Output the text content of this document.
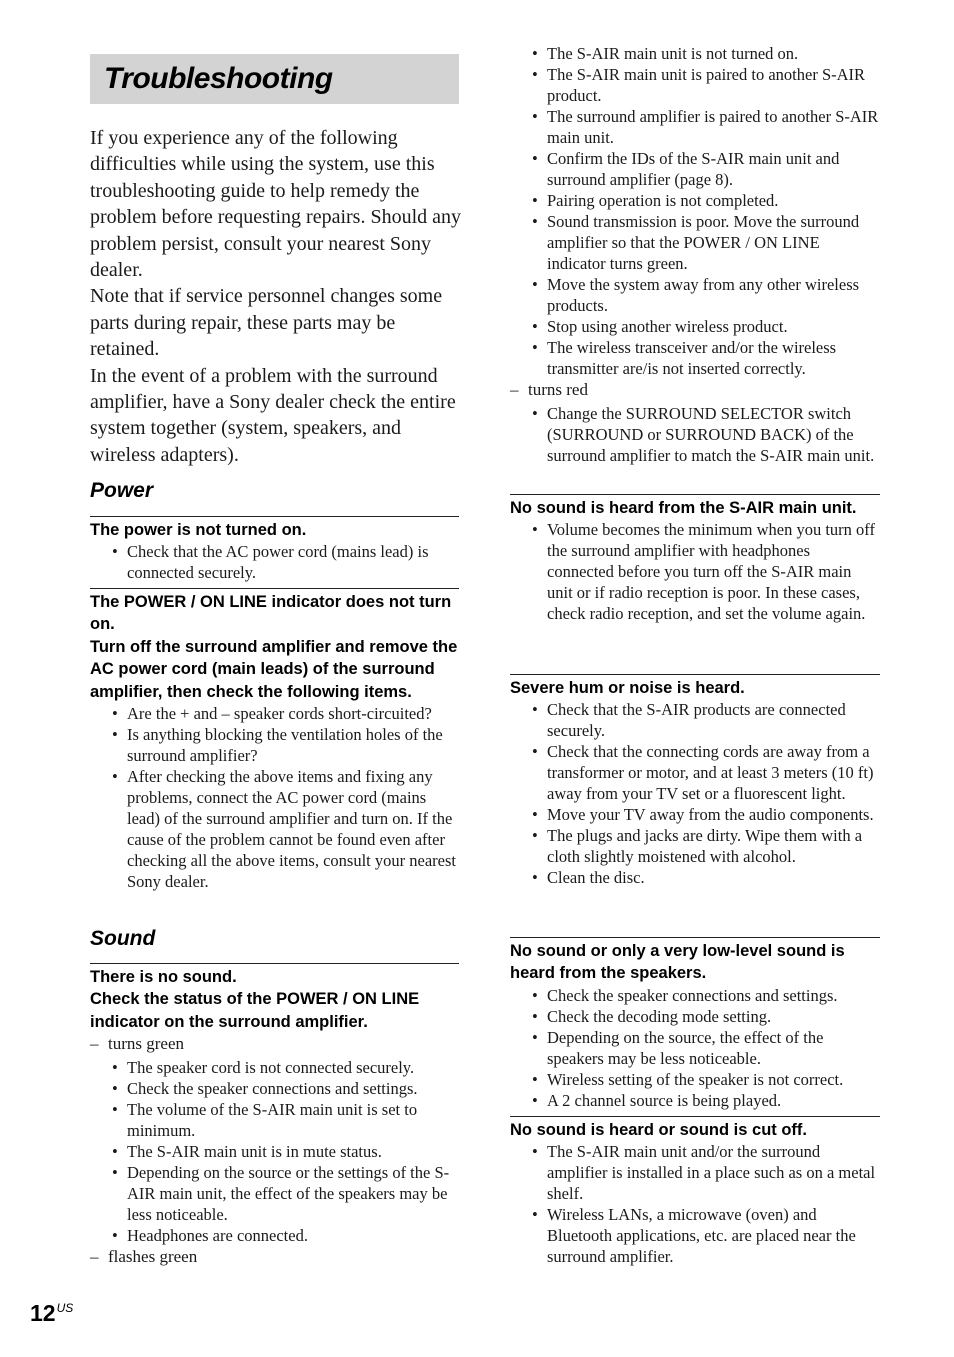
Troubleshooting

If you experience any of the following difficulties while using the system, use this troubleshooting guide to help remedy the problem before requesting repairs. Should any problem persist, consult your nearest Sony dealer.

Note that if service personnel changes some parts during repair, these parts may be retained.

In the event of a problem with the surround amplifier, have a Sony dealer check the entire system together (system, speakers, and wireless adapters).

Power

The power is not turned on.

• Check that the AC power cord (mains lead) is connected securely.

The POWER / ON LINE indicator does not turn on.

Turn off the surround amplifier and remove the AC power cord (main leads) of the surround amplifier, then check the following items.

• Are the + and – speaker cords short-circuited?
• Is anything blocking the ventilation holes of the surround amplifier?
• After checking the above items and fixing any problems, connect the AC power cord (mains lead) of the surround amplifier and turn on. If the cause of the problem cannot be found even after checking all the above items, consult your nearest Sony dealer.
Sound

There is no sound.

Check the status of the POWER / ON LINE indicator on the surround amplifier.

– turns green
• The speaker cord is not connected securely.
• Check the speaker connections and settings.
• The volume of the S-AIR main unit is set to minimum.
• The S-AIR main unit is in mute status.
• Depending on the source or the settings of the S-AIR main unit, the effect of the speakers may be less noticeable.
• Headphones are connected.
– flashes green
• The S-AIR main unit is not turned on.
• The S-AIR main unit is paired to another S-AIR product.
• The surround amplifier is paired to another S-AIR main unit.
• Confirm the IDs of the S-AIR main unit and surround amplifier (page 8).
• Pairing operation is not completed.
• Sound transmission is poor. Move the surround amplifier so that the POWER / ON LINE indicator turns green.
• Move the system away from any other wireless products.
• Stop using another wireless product.
• The wireless transceiver and/or the wireless transmitter are/is not inserted correctly.
– turns red
• Change the SURROUND SELECTOR switch (SURROUND or SURROUND BACK) of the surround amplifier to match the S-AIR main unit.

No sound is heard from the S-AIR main unit.

• Volume becomes the minimum when you turn off the surround amplifier with headphones connected before you turn off the S-AIR main unit or if radio reception is poor. In these cases, check radio reception, and set the volume again.

Severe hum or noise is heard.

• Check that the S-AIR products are connected securely.
• Check that the connecting cords are away from a transformer or motor, and at least 3 meters (10 ft) away from your TV set or a fluorescent light.
• Move your TV away from the audio components.
• The plugs and jacks are dirty. Wipe them with a cloth slightly moistened with alcohol.
• Clean the disc.

No sound or only a very low-level sound is heard from the speakers.

• Check the speaker connections and settings.
• Check the decoding mode setting.
• Depending on the source, the effect of the speakers may be less noticeable.
• Wireless setting of the speaker is not correct.
• A 2 channel source is being played.

No sound is heard or sound is cut off.

• The S-AIR main unit and/or the surround amplifier is installed in a place such as on a metal shelf.
• Wireless LANs, a microwave (oven) and Bluetooth applications, etc. are placed near the surround amplifier.
$12^{US}$
